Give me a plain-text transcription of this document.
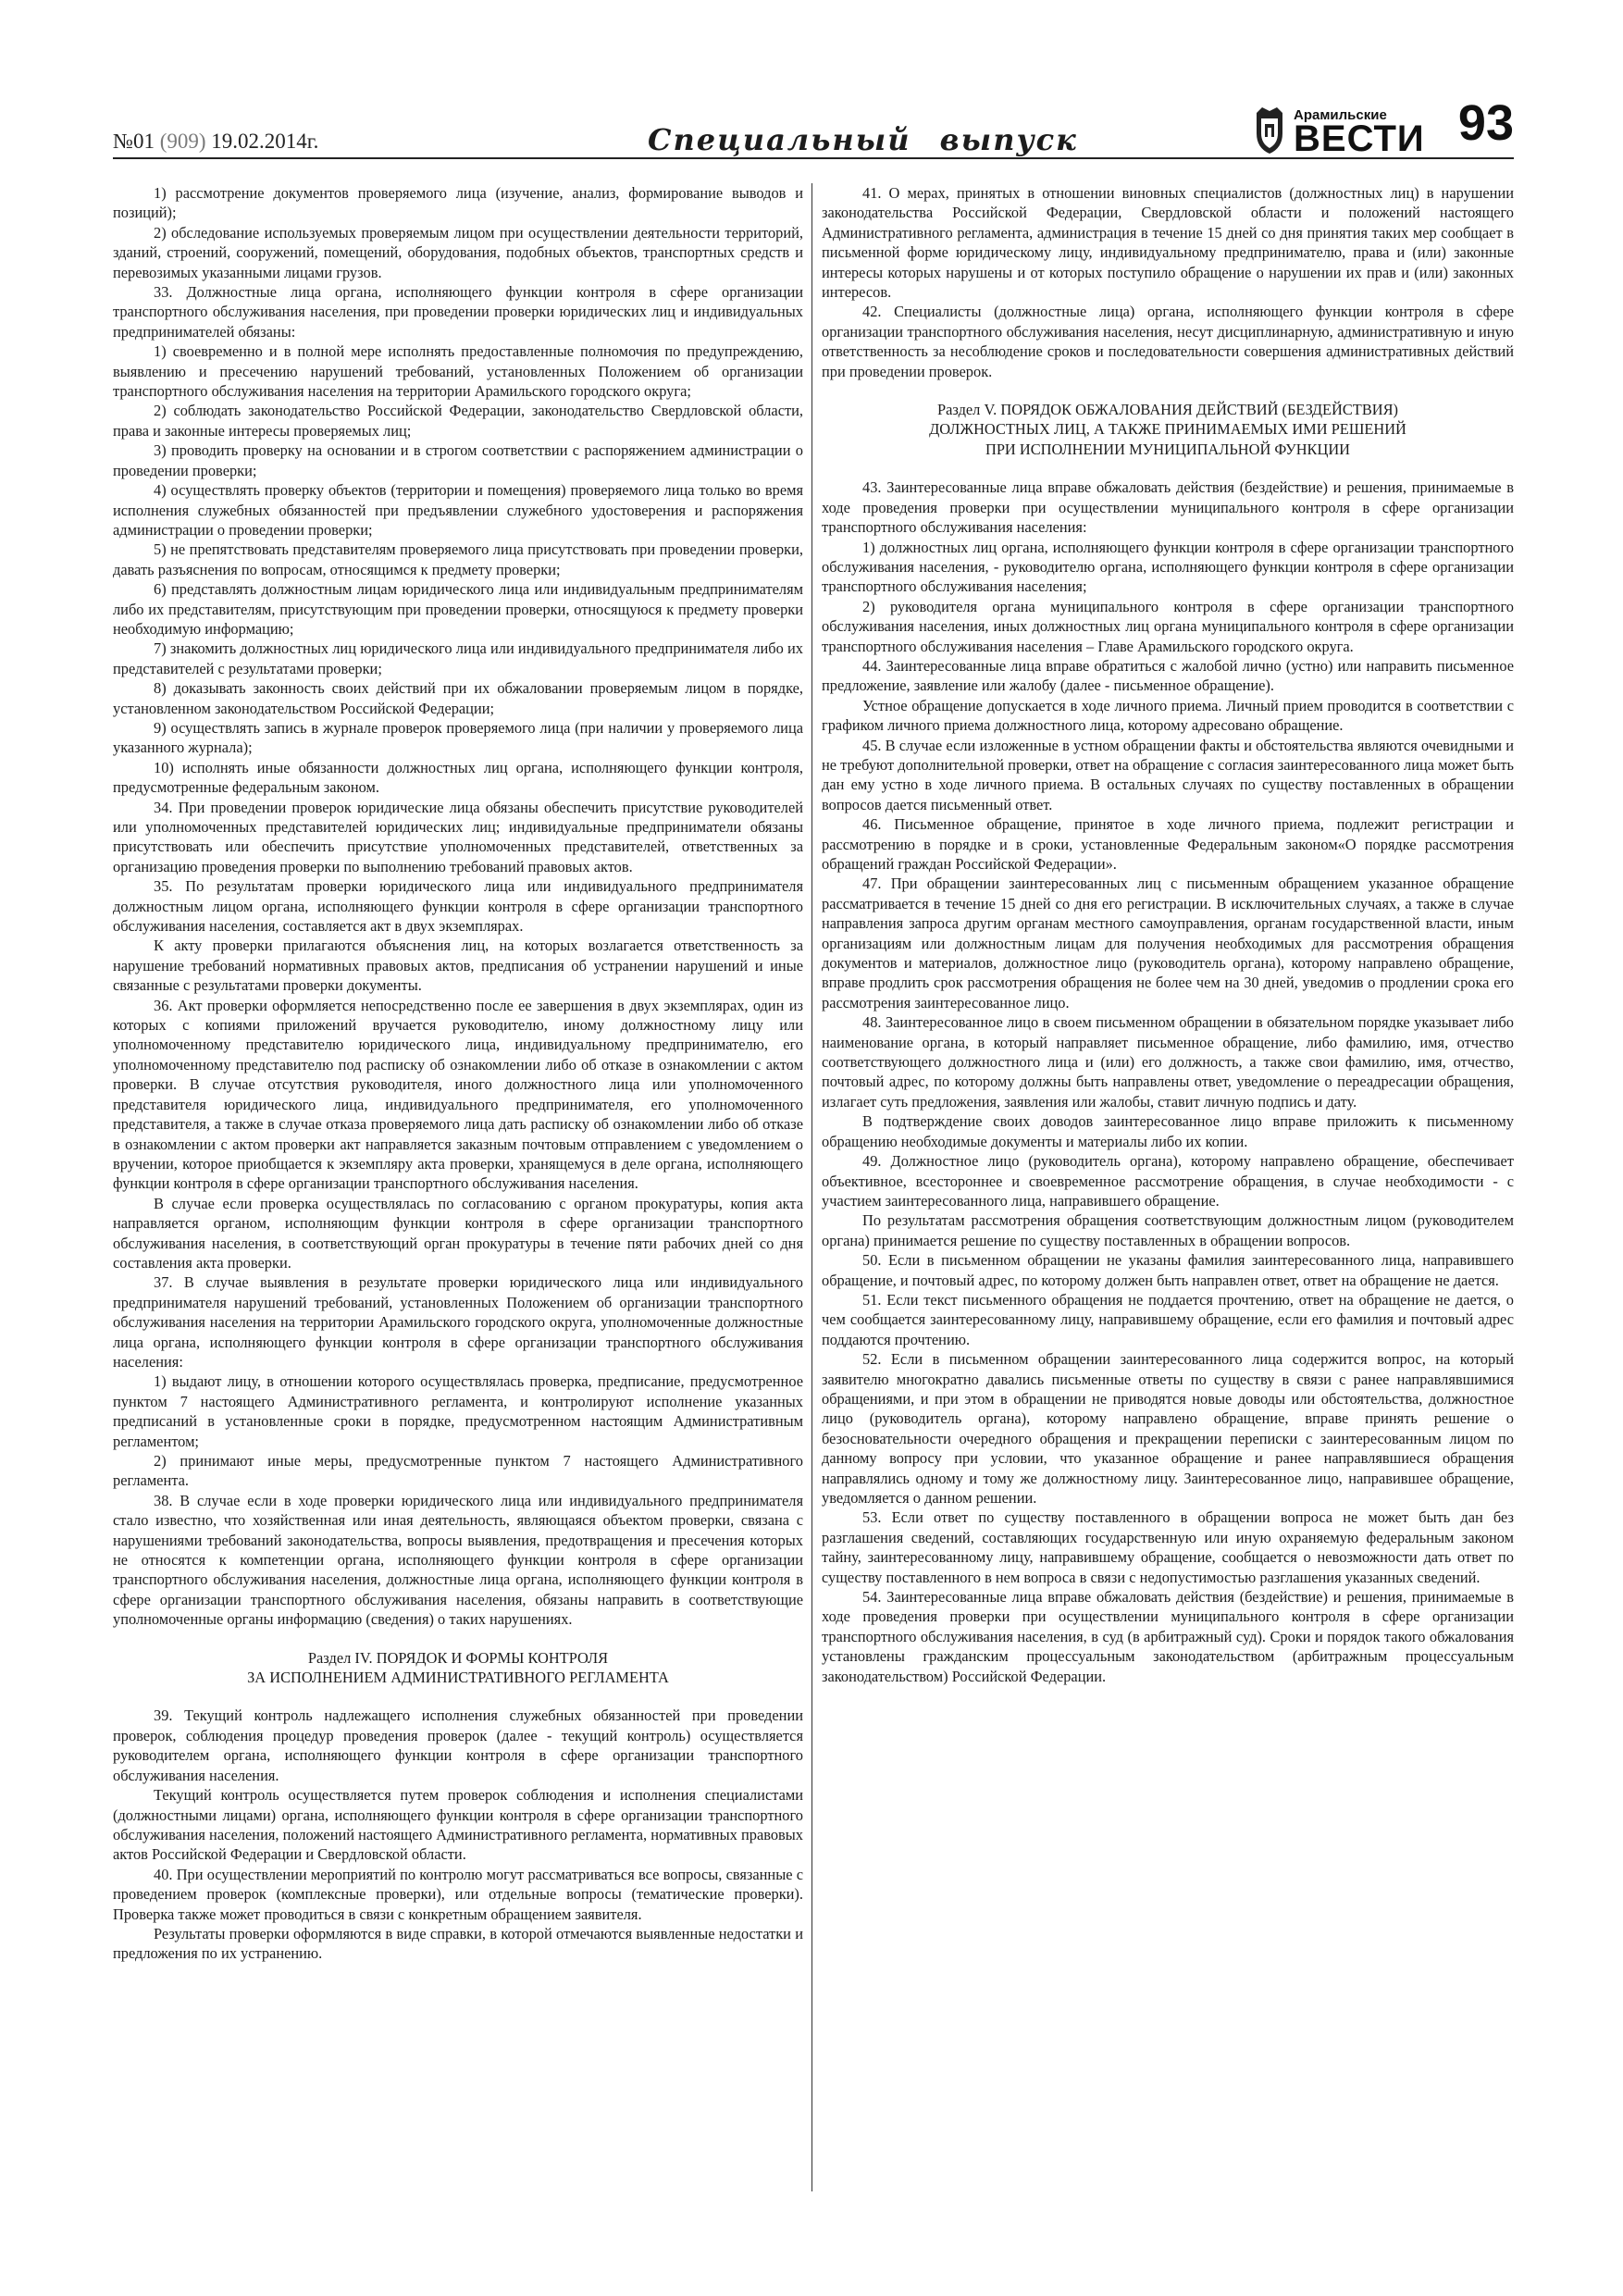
№01 (909) 19.02.2014г.	Специальный выпуск
Арамильские
ВЕСТИ 93

1) рассмотрение документов проверяемого лица (изучение, анализ, формирование выводов и позиций);

2) обследование используемых проверяемым лицом при осуществлении деятельности территорий, зданий, строений, сооружений, помещений, оборудования, подобных объектов, транспортных средств и перевозимых указанными лицами грузов.

33. Должностные лица органа, исполняющего функции контроля в сфере организации транспортного обслуживания населения, при проведении проверки юридических лиц и индивидуальных предпринимателей обязаны:

1) своевременно и в полной мере исполнять предоставленные полномочия по предупреждению, выявлению и пресечению нарушений требований, установленных Положением об организации транспортного обслуживания населения на территории Арамильского городского округа;

2) соблюдать законодательство Российской Федерации, законодательство Свердловской области, права и законные интересы проверяемых лиц;

3) проводить проверку на основании и в строгом соответствии с распоряжением администрации о проведении проверки;

4) осуществлять проверку объектов (территории и помещения) проверяемого лица только во время исполнения служебных обязанностей при предъявлении служебного удостоверения и распоряжения администрации о проведении проверки;

5) не препятствовать представителям проверяемого лица присутствовать при проведении проверки, давать разъяснения по вопросам, относящимся к предмету проверки;

6) представлять должностным лицам юридического лица или индивидуальным предпринимателям либо их представителям, присутствующим при проведении проверки, относящуюся к предмету проверки необходимую информацию;

7) знакомить должностных лиц юридического лица или индивидуального предпринимателя либо их представителей с результатами проверки;

8) доказывать законность своих действий при их обжаловании проверяемым лицом в порядке, установленном законодательством Российской Федерации;

9) осуществлять запись в журнале проверок проверяемого лица (при наличии у проверяемого лица указанного журнала);

10) исполнять иные обязанности должностных лиц органа, исполняющего функции контроля, предусмотренные федеральным законом.

34. При проведении проверок юридические лица обязаны обеспечить присутствие руководителей или уполномоченных представителей юридических лиц; индивидуальные предприниматели обязаны присутствовать или обеспечить присутствие уполномоченных представителей, ответственных за организацию проведения проверки по выполнению требований правовых актов.

35. По результатам проверки юридического лица или индивидуального предпринимателя должностным лицом органа, исполняющего функции контроля в сфере организации транспортного обслуживания населения, составляется акт в двух экземплярах.

К акту проверки прилагаются объяснения лиц, на которых возлагается ответственность за нарушение требований нормативных правовых актов, предписания об устранении нарушений и иные связанные с результатами проверки документы.

36. Акт проверки оформляется непосредственно после ее завершения в двух экземплярах, один из которых с копиями приложений вручается руководителю, иному должностному лицу или уполномоченному представителю юридического лица, индивидуальному предпринимателю, его уполномоченному представителю под расписку об ознакомлении либо об отказе в ознакомлении с актом проверки. В случае отсутствия руководителя, иного должностного лица или уполномоченного представителя юридического лица, индивидуального предпринимателя, его уполномоченного представителя, а также в случае отказа проверяемого лица дать расписку об ознакомлении либо об отказе в ознакомлении с актом проверки акт направляется заказным почтовым отправлением с уведомлением о вручении, которое приобщается к экземпляру акта проверки, хранящемуся в деле органа, исполняющего функции контроля в сфере организации транспортного обслуживания населения.

В случае если проверка осуществлялась по согласованию с органом прокуратуры, копия акта направляется органом, исполняющим функции контроля в сфере организации транспортного обслуживания населения, в соответствующий орган прокуратуры в течение пяти рабочих дней со дня составления акта проверки.

37. В случае выявления в результате проверки юридического лица или индивидуального предпринимателя нарушений требований, установленных Положением об организации транспортного обслуживания населения на территории Арамильского городского округа, уполномоченные должностные лица органа, исполняющего функции контроля в сфере организации транспортного обслуживания населения:

1) выдают лицу, в отношении которого осуществлялась проверка, предписание, предусмотренное пунктом 7 настоящего Административного регламента, и контролируют исполнение указанных предписаний в установленные сроки в порядке, предусмотренном настоящим Административным регламентом;

2) принимают иные меры, предусмотренные пунктом 7 настоящего Административного регламента.

38. В случае если в ходе проверки юридического лица или индивидуального предпринимателя стало известно, что хозяйственная или иная деятельность, являющаяся объектом проверки, связана с нарушениями требований законодательства, вопросы выявления, предотвращения и пресечения которых не относятся к компетенции органа, исполняющего функции контроля в сфере организации транспортного обслуживания населения, должностные лица органа, исполняющего функции контроля в сфере организации транспортного обслуживания населения, обязаны направить в соответствующие уполномоченные органы информацию (сведения) о таких нарушениях.

Раздел IV. ПОРЯДОК И ФОРМЫ КОНТРОЛЯ
ЗА ИСПОЛНЕНИЕМ АДМИНИСТРАТИВНОГО РЕГЛАМЕНТА

39. Текущий контроль надлежащего исполнения служебных обязанностей при проведении проверок, соблюдения процедур проведения проверок (далее - текущий контроль) осуществляется руководителем органа, исполняющего функции контроля в сфере организации транспортного обслуживания населения.

Текущий контроль осуществляется путем проверок соблюдения и исполнения специалистами (должностными лицами) органа, исполняющего функции контроля в сфере организации транспортного обслуживания населения, положений настоящего Административного регламента, нормативных правовых актов Российской Федерации и Свердловской области.

40. При осуществлении мероприятий по контролю могут рассматриваться все вопросы, связанные с проведением проверок (комплексные проверки), или отдельные вопросы (тематические проверки). Проверка также может проводиться в связи с конкретным обращением заявителя.

Результаты проверки оформляются в виде справки, в которой отмечаются выявленные недостатки и предложения по их устранению.

41. О мерах, принятых в отношении виновных специалистов (должностных лиц) в нарушении законодательства Российской Федерации, Свердловской области и положений настоящего Административного регламента, администрация в течение 15 дней со дня принятия таких мер сообщает в письменной форме юридическому лицу, индивидуальному предпринимателю, права и (или) законные интересы которых нарушены и от которых поступило обращение о нарушении их прав и (или) законных интересов.

42. Специалисты (должностные лица) органа, исполняющего функции контроля в сфере организации транспортного обслуживания населения, несут дисциплинарную, административную и иную ответственность за несоблюдение сроков и последовательности совершения административных действий при проведении проверок.

Раздел V. ПОРЯДОК ОБЖАЛОВАНИЯ ДЕЙСТВИЙ (БЕЗДЕЙСТВИЯ)
ДОЛЖНОСТНЫХ ЛИЦ, А ТАКЖЕ ПРИНИМАЕМЫХ ИМИ РЕШЕНИЙ
ПРИ ИСПОЛНЕНИИ МУНИЦИПАЛЬНОЙ ФУНКЦИИ

43. Заинтересованные лица вправе обжаловать действия (бездействие) и решения, принимаемые в ходе проведения проверки при осуществлении муниципального контроля в сфере организации транспортного обслуживания населения:

1) должностных лиц органа, исполняющего функции контроля в сфере организации транспортного обслуживания населения, - руководителю органа, исполняющего функции контроля в сфере организации транспортного обслуживания населения;

2) руководителя органа муниципального контроля в сфере организации транспортного обслуживания населения, иных должностных лиц органа муниципального контроля в сфере организации транспортного обслуживания населения – Главе Арамильского городского округа.

44. Заинтересованные лица вправе обратиться с жалобой лично (устно) или направить письменное предложение, заявление или жалобу (далее - письменное обращение).

Устное обращение допускается в ходе личного приема. Личный прием проводится в соответствии с графиком личного приема должностного лица, которому адресовано обращение.

45. В случае если изложенные в устном обращении факты и обстоятельства являются очевидными и не требуют дополнительной проверки, ответ на обращение с согласия заинтересованного лица может быть дан ему устно в ходе личного приема. В остальных случаях по существу поставленных в обращении вопросов дается письменный ответ.

46. Письменное обращение, принятое в ходе личного приема, подлежит регистрации и рассмотрению в порядке и в сроки, установленные Федеральным законом«О порядке рассмотрения обращений граждан Российской Федерации».

47. При обращении заинтересованных лиц с письменным обращением указанное обращение рассматривается в течение 15 дней со дня его регистрации. В исключительных случаях, а также в случае направления запроса другим органам местного самоуправления, органам государственной власти, иным организациям или должностным лицам для получения необходимых для рассмотрения обращения документов и материалов, должностное лицо (руководитель органа), которому направлено обращение, вправе продлить срок рассмотрения обращения не более чем на 30 дней, уведомив о продлении срока его рассмотрения заинтересованное лицо.

48. Заинтересованное лицо в своем письменном обращении в обязательном порядке указывает либо наименование органа, в который направляет письменное обращение, либо фамилию, имя, отчество соответствующего должностного лица и (или) его должность, а также свои фамилию, имя, отчество, почтовый адрес, по которому должны быть направлены ответ, уведомление о переадресации обращения, излагает суть предложения, заявления или жалобы, ставит личную подпись и дату.

В подтверждение своих доводов заинтересованное лицо вправе приложить к письменному обращению необходимые документы и материалы либо их копии.

49. Должностное лицо (руководитель органа), которому направлено обращение, обеспечивает объективное, всестороннее и своевременное рассмотрение обращения, в случае необходимости - с участием заинтересованного лица, направившего обращение.

По результатам рассмотрения обращения соответствующим должностным лицом (руководителем органа) принимается решение по существу поставленных в обращении вопросов.

50. Если в письменном обращении не указаны фамилия заинтересованного лица, направившего обращение, и почтовый адрес, по которому должен быть направлен ответ, ответ на обращение не дается.

51. Если текст письменного обращения не поддается прочтению, ответ на обращение не дается, о чем сообщается заинтересованному лицу, направившему обращение, если его фамилия и почтовый адрес поддаются прочтению.

52. Если в письменном обращении заинтересованного лица содержится вопрос, на который заявителю многократно давались письменные ответы по существу в связи с ранее направлявшимися обращениями, и при этом в обращении не приводятся новые доводы или обстоятельства, должностное лицо (руководитель органа), которому направлено обращение, вправе принять решение о безосновательности очередного обращения и прекращении переписки с заинтересованным лицом по данному вопросу при условии, что указанное обращение и ранее направлявшиеся обращения направлялись одному и тому же должностному лицу. Заинтересованное лицо, направившее обращение, уведомляется о данном решении.

53. Если ответ по существу поставленного в обращении вопроса не может быть дан без разглашения сведений, составляющих государственную или иную охраняемую федеральным законом тайну, заинтересованному лицу, направившему обращение, сообщается о невозможности дать ответ по существу поставленного в нем вопроса в связи с недопустимостью разглашения указанных сведений.

54. Заинтересованные лица вправе обжаловать действия (бездействие) и решения, принимаемые в ходе проведения проверки при осуществлении муниципального контроля в сфере организации транспортного обслуживания населения, в суд (в арбитражный суд). Сроки и порядок такого обжалования установлены гражданским процессуальным законодательством (арбитражным процессуальным законодательством) Российской Федерации.
